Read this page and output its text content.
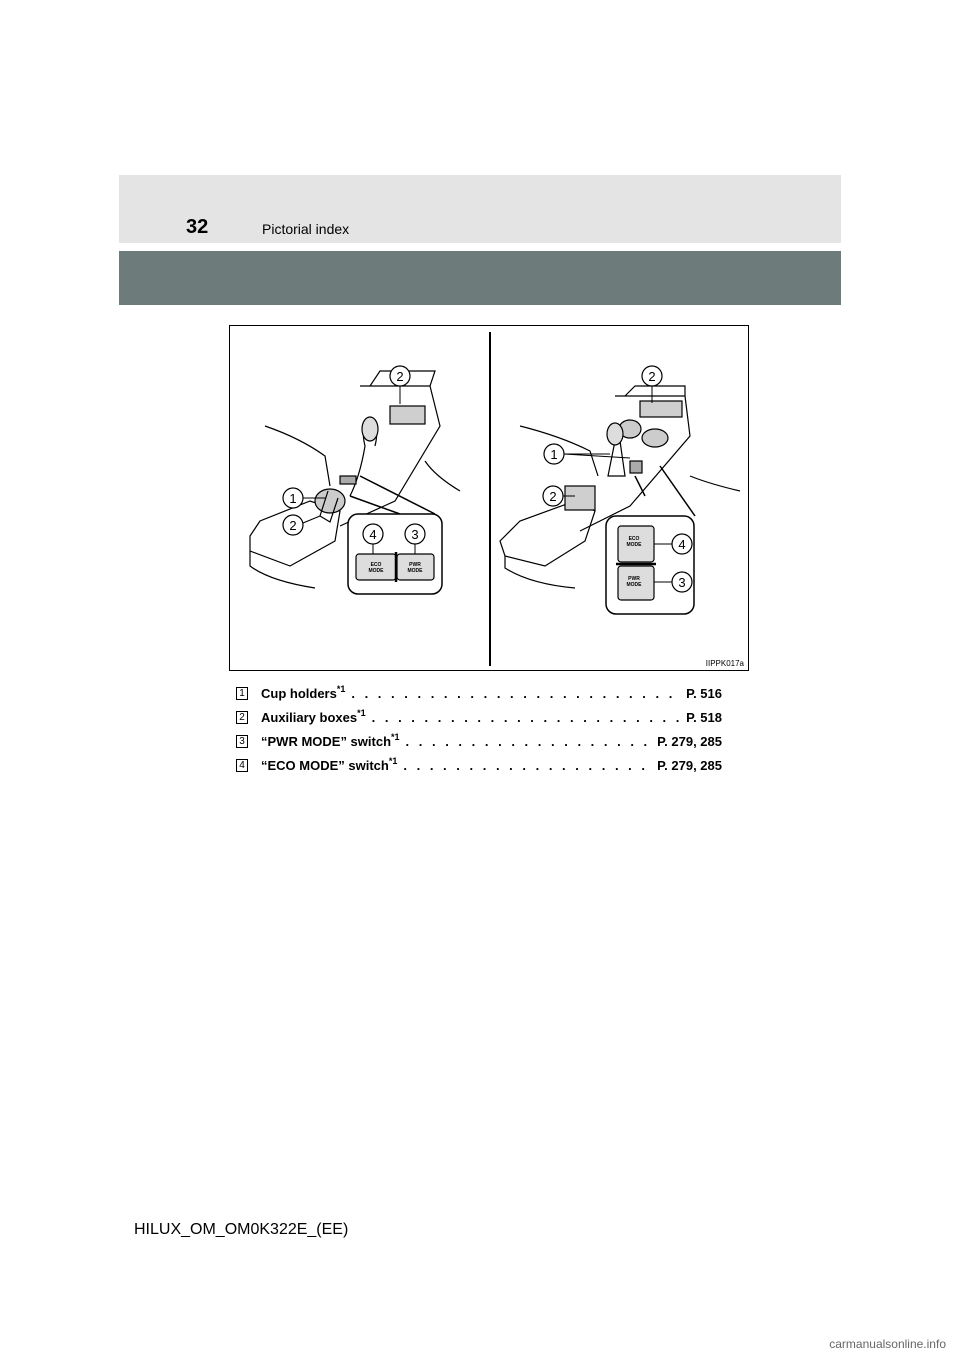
32	Pictorial index
2
1
2
4	3
2
1
2
4
3
ECO
MODE
PWR
MODE
ECO
MODE
PWR
MODE
IIPPK017a
1 Cup holders$^{*1}$ . . .	P. 516
2 Auxiliary boxes$^{*1}$ . . .	P. 518
3 “PWR MODE” switch$^{*1}$ . . .	P. 279, 285
4 “ECO MODE” switch$^{*1}$ . . .	P. 279, 285
HILUX_OM_OM0K322E_(EE)
carmanualsonline.info
